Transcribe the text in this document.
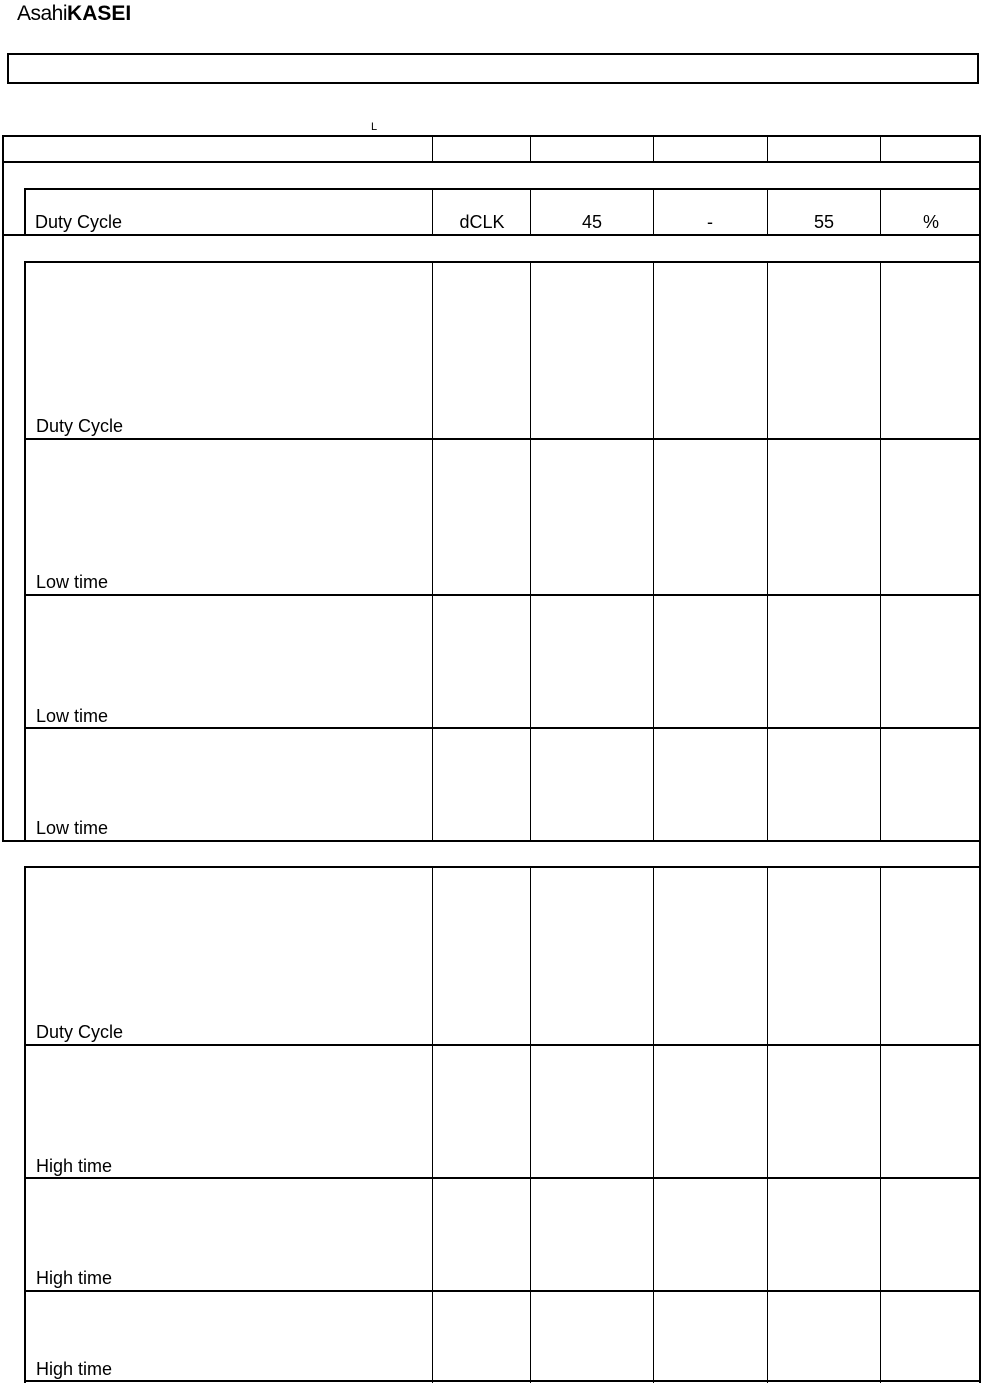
AsahiKASEI
L
Duty Cycle	dCLK	45	-	55	%
Duty Cycle
Low time
Low time
Low time
Duty Cycle
High time
High time
High time
